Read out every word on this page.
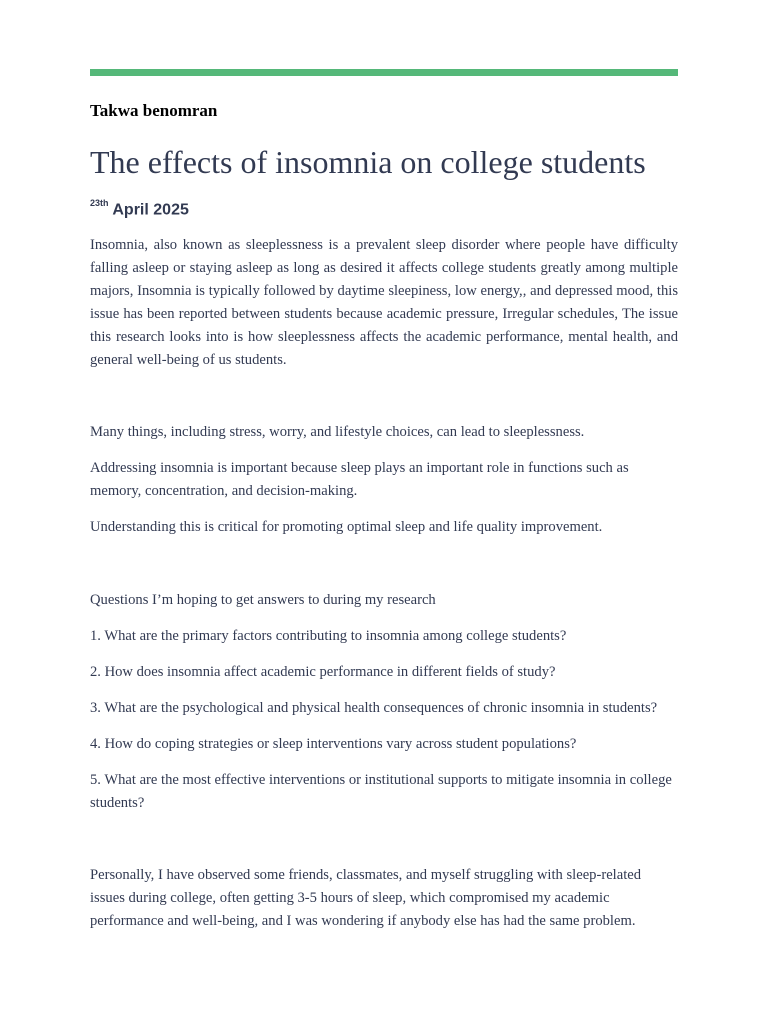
Takwa benomran
The effects of insomnia on college students
$^{23th}$ April 2025

Insomnia, also known as sleeplessness is a prevalent sleep disorder where people have difficulty falling asleep or staying asleep as long as desired it affects college students greatly among multiple majors, Insomnia is typically followed by daytime sleepiness, low energy,, and depressed mood, this issue has been reported between students because academic pressure, Irregular schedules, The issue this research looks into is how sleeplessness affects the academic performance, mental health, and general well-being of us students.

Many things, including stress, worry, and lifestyle choices, can lead to sleeplessness.

Addressing insomnia is important because sleep plays an important role in functions such as memory, concentration, and decision-making.

Understanding this is critical for promoting optimal sleep and life quality improvement.

Questions I’m hoping to get answers to during my research

1. What are the primary factors contributing to insomnia among college students?

2. How does insomnia affect academic performance in different fields of study?

3. What are the psychological and physical health consequences of chronic insomnia in students?

4. How do coping strategies or sleep interventions vary across student populations?

5. What are the most effective interventions or institutional supports to mitigate insomnia in college students?

Personally, I have observed some friends, classmates, and myself struggling with sleep-related issues during college, often getting 3-5 hours of sleep, which compromised my academic performance and well-being, and I was wondering if anybody else has had the same problem.
